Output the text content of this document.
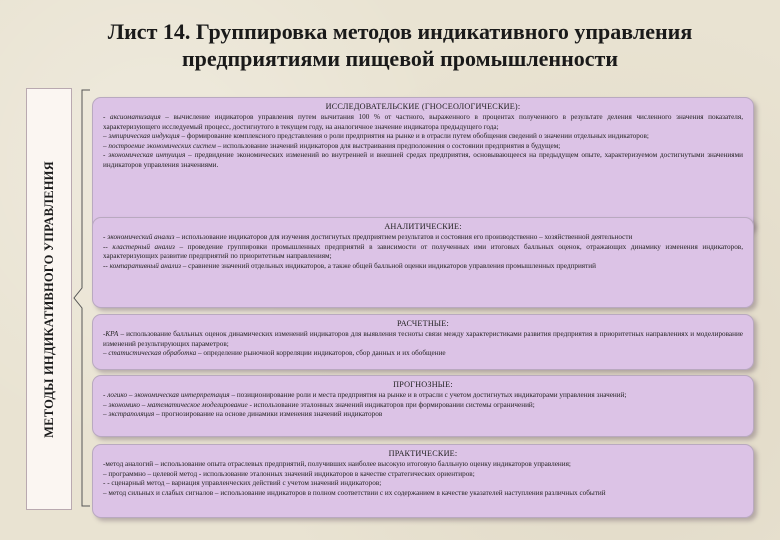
Лист 14. Группировка методов индикативного управления
предприятиями пищевой промышленности
МЕТОДЫ ИНДИКАТИВНОГО УПРАВЛЕНИЯ
ИССЛЕДОВАТЕЛЬСКИЕ (ГНОСЕОЛОГИЧЕСКИЕ):
- аксиоматизация – вычисление индикаторов управления путем вычитания 100 % от частного, выраженного в процентах полученного в результате деления численного значения показателя, характеризующего исследуемый процесс, достигнутого в текущем году, на аналогичное значение индикатора предыдущего года;
– эмпирическая индукция – формирование комплексного представления о роли предприятия на рынке и в отрасли путем обобщения сведений о значении отдельных индикаторов;
– построение экономических систем – использование значений индикаторов для выстраивания предположения о состоянии предприятия в будущем;
- экономическая интуиция – предвидение экономических изменений во внутренней и внешней средах предприятия, основывающееся на предыдущем опыте, характеризуемом достигнутыми значениями индикаторов управления значениями.
АНАЛИТИЧЕСКИЕ:
- экономический анализ – использование индикаторов для изучения достигнутых предприятием результатов и состояния его производственно – хозяйственной деятельности
-- кластерный анализ – проведение группировки промышленных предприятий в зависимости от полученных ими итоговых балльных оценок, отражающих динамику изменения индикаторов, характеризующих развитие предприятий по приоритетным направлениям;
-- компаративный анализ – сравнение значений отдельных индикаторов, а также общей балльной оценки индикаторов управления промышленных предприятий
РАСЧЕТНЫЕ:
-КРА – использование балльных оценок динамических изменений индикаторов для выявления тесноты связи между характеристиками развития предприятия в приоритетных направлениях и моделирование изменений результирующих параметров;
– статистическая обработка – определение рыночной корреляции индикаторов, сбор данных и их обобщение
ПРОГНОЗНЫЕ:
- логико – экономическая интерпретация – позиционирование роли и места предприятия на рынке и в отрасли с учетом достигнутых индикаторами управления значений;
– экономико – математическое моделирование - использование эталонных значений индикаторов при формировании системы ограничений;
– экстраполяция – прогнозирование на основе динамики изменения значений индикаторов
ПРАКТИЧЕСКИЕ:
-метод аналогий – использование опыта отраслевых предприятий, получивших наиболее высокую итоговую балльную оценку индикаторов управления;
– программно – целевой метод - использование эталонных значений индикаторов в качестве стратегических ориентиров;
- - сценарный метод – вариация управленческих действий с учетом значений индикаторов;
– метод сильных и слабых сигналов – использование индикаторов в полном соответствии с их содержанием в качестве указателей наступления различных событий
